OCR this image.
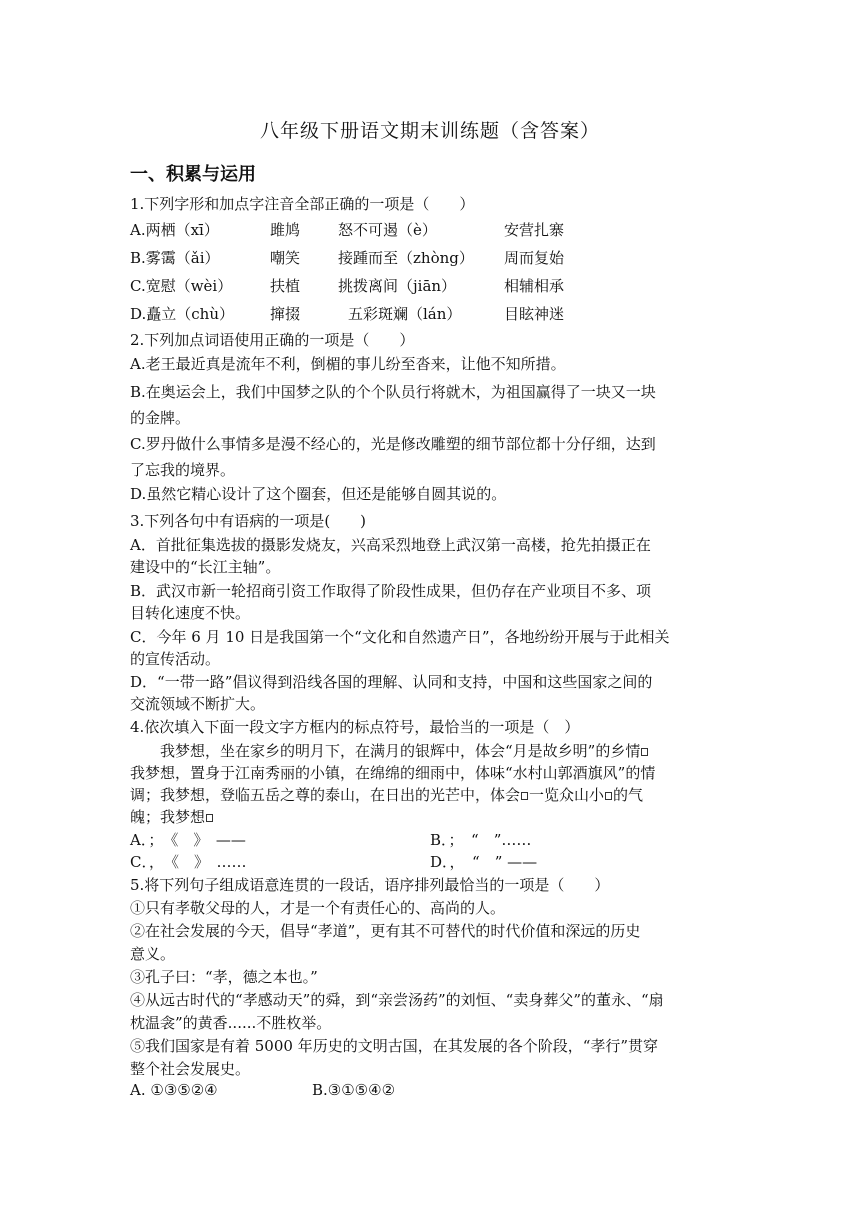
八年级下册语文期末训练题（含答案）
一、积累与运用
1.下列字形和加点字注音全部正确的一项是（　　）
A.两栖（xī）	雎鸠	怒不可遏（è）	安营扎寨
B.雾霭（ǎi）	嘲笑	接踵而至（zhòng） 周而复始
C.宽慰（wèi）	扶植	挑拨离间（jiān）	相辅相承
D.矗立（chù） 撺掇	五彩斑斓（lán）	目眩神迷
2.下列加点词语使用正确的一项是（　　）
A.老王最近真是流年不利，倒楣的事儿纷至沓来，让他不知所措。
B.在奥运会上，我们中国梦之队的个个队员行将就木，为祖国赢得了一块又一块
的金牌。
C.罗丹做什么事情多是漫不经心的，光是修改雕塑的细节部位都十分仔细，达到
了忘我的境界。
D.虽然它精心设计了这个圈套，但还是能够自圆其说的。
3.下列各句中有语病的一项是(　　)
A．首批征集选拔的摄影发烧友，兴高采烈地登上武汉第一高楼，抢先拍摄正在
建设中的“长江主轴”。
B．武汉市新一轮招商引资工作取得了阶段性成果，但仍存在产业项目不多、项
目转化速度不快。
C．今年 6 月 10 日是我国第一个“文化和自然遗产日”，各地纷纷开展与于此相关
的宣传活动。
D．“一带一路”倡议得到沿线各国的理解、认同和支持，中国和这些国家之间的
交流领域不断扩大。
4.依次填入下面一段文字方框内的标点符号，最恰当的一项是（　）
我梦想，坐在家乡的明月下，在满月的银辉中，体会“月是故乡明”的乡情
我梦想，置身于江南秀丽的小镇，在绵绵的细雨中，体味“水村山郭酒旗风”的情
调；我梦想，登临五岳之尊的泰山，在日出的光芒中，体会 一览众山小 的气
魄；我梦想
A．；　《　》　——	B．；　“　”……
C．，　《　》　……	D．，　“　” ——
5.将下列句子组成语意连贯的一段话，语序排列最恰当的一项是（　　）
①只有孝敬父母的人，才是一个有责任心的、高尚的人。
②在社会发展的今天，倡导“孝道”，更有其不可替代的时代价值和深远的历史
意义。
③孔子曰：“孝，德之本也。”
④从远古时代的“孝感动天”的舜，到“亲尝汤药”的刘恒、“卖身葬父”的董永、“扇
枕温衾”的黄香......不胜枚举。
⑤我们国家是有着 5000 年历史的文明古国，在其发展的各个阶段，“孝行”贯穿
整个社会发展史。
A. ①③⑤②④	B.③①⑤④②
